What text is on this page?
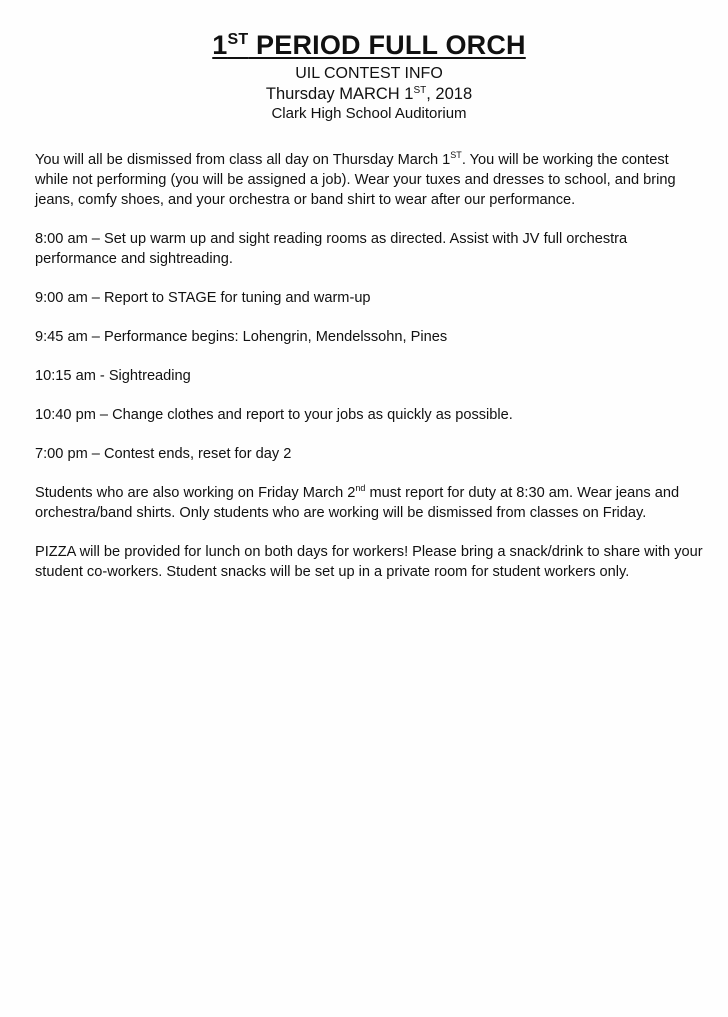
1ST PERIOD FULL ORCH
UIL CONTEST INFO
Thursday MARCH 1ST, 2018
Clark High School Auditorium

You will all be dismissed from class all day on Thursday March 1ST. You will be working the contest while not performing (you will be assigned a job). Wear your tuxes and dresses to school, and bring jeans, comfy shoes, and your orchestra or band shirt to wear after our performance.

8:00 am – Set up warm up and sight reading rooms as directed. Assist with JV full orchestra performance and sightreading.

9:00 am – Report to STAGE for tuning and warm-up

9:45 am – Performance begins: Lohengrin, Mendelssohn, Pines

10:15 am - Sightreading

10:40 pm – Change clothes and report to your jobs as quickly as possible.

7:00 pm – Contest ends, reset for day 2

Students who are also working on Friday March 2nd must report for duty at 8:30 am. Wear jeans and orchestra/band shirts. Only students who are working will be dismissed from classes on Friday.

PIZZA will be provided for lunch on both days for workers! Please bring a snack/drink to share with your student co-workers. Student snacks will be set up in a private room for student workers only.
